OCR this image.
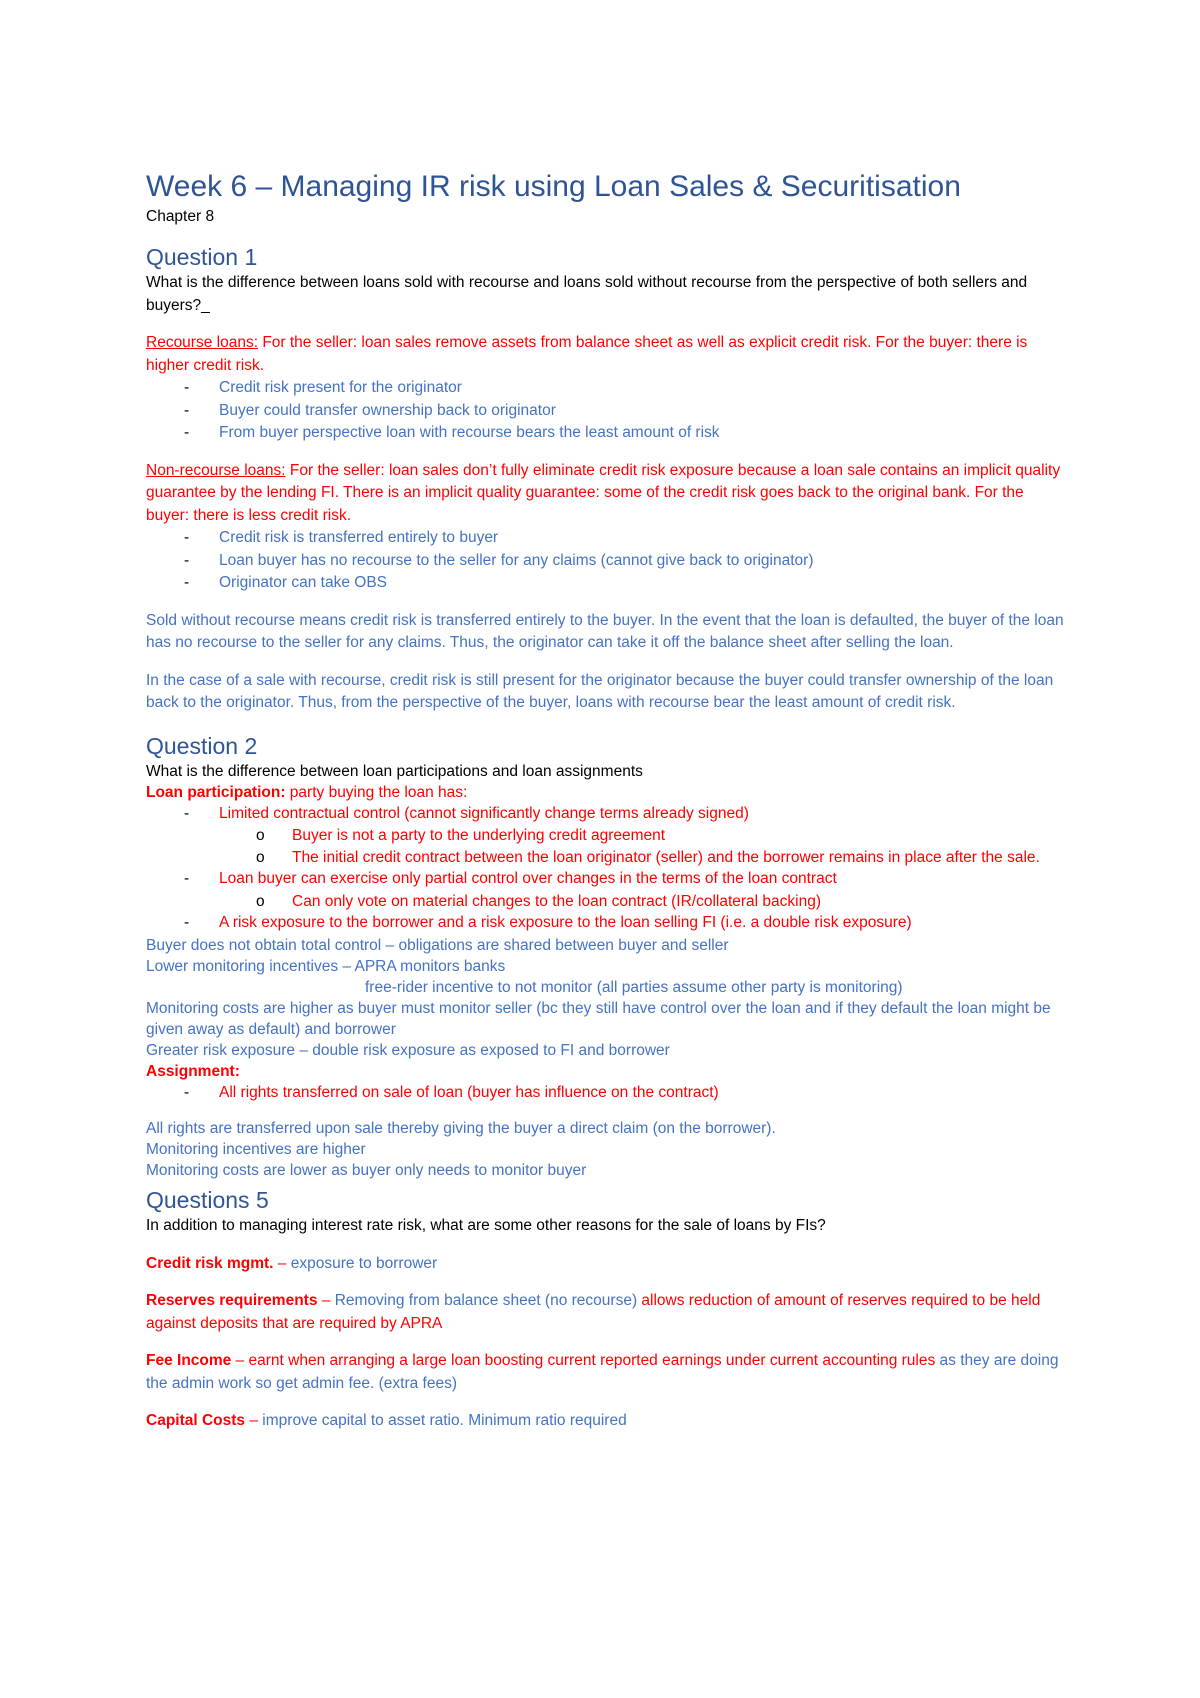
Week 6 – Managing IR risk using Loan Sales & Securitisation

Chapter 8

Question 1

What is the difference between loans sold with recourse and loans sold without recourse from the perspective of both sellers and buyers?_

Recourse loans: For the seller: loan sales remove assets from balance sheet as well as explicit credit risk. For the buyer: there is higher credit risk.

- Credit risk present for the originator
- Buyer could transfer ownership back to originator
- From buyer perspective loan with recourse bears the least amount of risk

Non-recourse loans: For the seller: loan sales don’t fully eliminate credit risk exposure because a loan sale contains an implicit quality guarantee by the lending FI. There is an implicit quality guarantee: some of the credit risk goes back to the original bank. For the buyer: there is less credit risk.

- Credit risk is transferred entirely to buyer
- Loan buyer has no recourse to the seller for any claims (cannot give back to originator)
- Originator can take OBS

Sold without recourse means credit risk is transferred entirely to the buyer. In the event that the loan is defaulted, the buyer of the loan has no recourse to the seller for any claims. Thus, the originator can take it off the balance sheet after selling the loan.

In the case of a sale with recourse, credit risk is still present for the originator because the buyer could transfer ownership of the loan back to the originator. Thus, from the perspective of the buyer, loans with recourse bear the least amount of credit risk.

Question 2

What is the difference between loan participations and loan assignments

Loan participation: party buying the loan has:

- Limited contractual control (cannot significantly change terms already signed)
o Buyer is not a party to the underlying credit agreement
o The initial credit contract between the loan originator (seller) and the borrower remains in place after the sale.
- Loan buyer can exercise only partial control over changes in the terms of the loan contract
o Can only vote on material changes to the loan contract (IR/collateral backing)
- A risk exposure to the borrower and a risk exposure to the loan selling FI (i.e. a double risk exposure)

Buyer does not obtain total control – obligations are shared between buyer and seller

Lower monitoring incentives – APRA monitors banks

free-rider incentive to not monitor (all parties assume other party is monitoring)

Monitoring costs are higher as buyer must monitor seller (bc they still have control over the loan and if they default the loan might be given away as default) and borrower

Greater risk exposure – double risk exposure as exposed to FI and borrower

Assignment:

- All rights transferred on sale of loan (buyer has influence on the contract)

All rights are transferred upon sale thereby giving the buyer a direct claim (on the borrower).

Monitoring incentives are higher

Monitoring costs are lower as buyer only needs to monitor buyer

Questions 5

In addition to managing interest rate risk, what are some other reasons for the sale of loans by FIs?

Credit risk mgmt. – exposure to borrower

Reserves requirements – Removing from balance sheet (no recourse) allows reduction of amount of reserves required to be held against deposits that are required by APRA

Fee Income – earnt when arranging a large loan boosting current reported earnings under current accounting rules as they are doing the admin work so get admin fee. (extra fees)

Capital Costs – improve capital to asset ratio. Minimum ratio required
